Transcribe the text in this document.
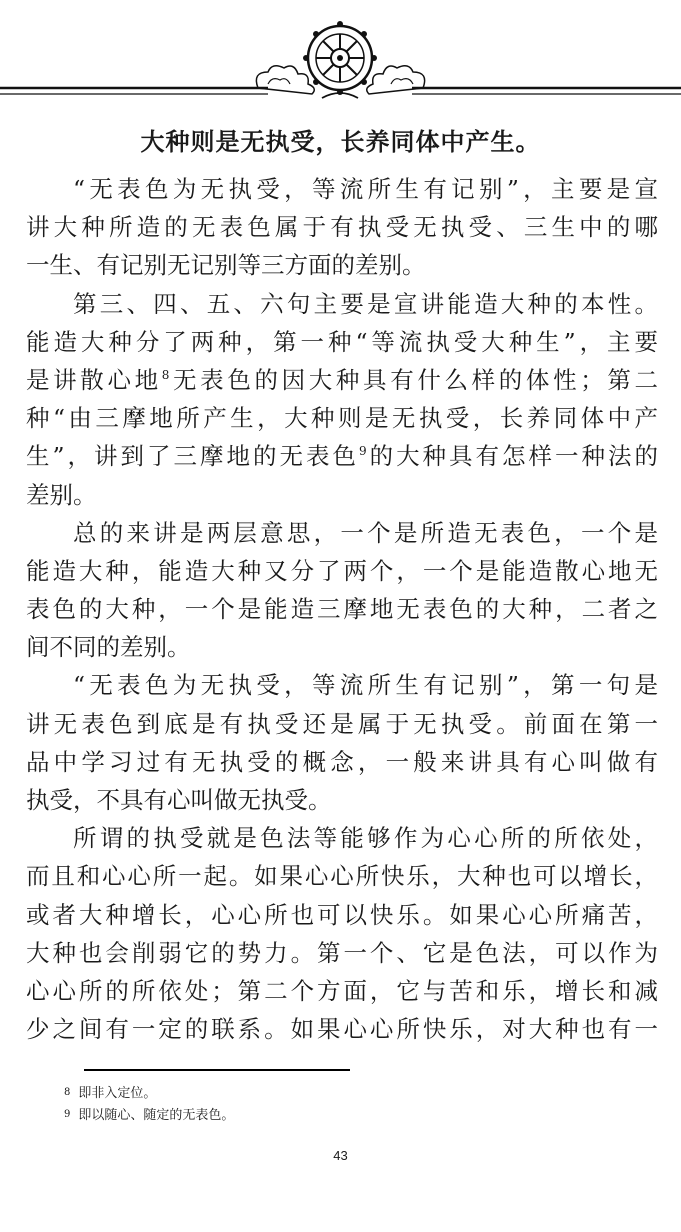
大种则是无执受，长养同体中产生。
“无表色为无执受，等流所生有记别”，主要是宣
讲大种所造的无表色属于有执受无执受、三生中的哪
一生、有记别无记别等三方面的差别。
第三、四、五、六句主要是宣讲能造大种的本性。
能造大种分了两种，第一种“等流执受大种生”，主要
是讲散心地$^8$无表色的因大种具有什么样的体性；第二
种“由三摩地所产生，大种则是无执受，长养同体中产
生”，讲到了三摩地的无表色$^9$的大种具有怎样一种法的
差别。
总的来讲是两层意思，一个是所造无表色，一个是
能造大种，能造大种又分了两个，一个是能造散心地无
表色的大种，一个是能造三摩地无表色的大种，二者之
间不同的差别。
“无表色为无执受，等流所生有记别”，第一句是
讲无表色到底是有执受还是属于无执受。前面在第一
品中学习过有无执受的概念，一般来讲具有心叫做有
执受，不具有心叫做无执受。
所谓的执受就是色法等能够作为心心所的所依处，
而且和心心所一起。如果心心所快乐，大种也可以增长，
或者大种增长，心心所也可以快乐。如果心心所痛苦，
大种也会削弱它的势力。第一个、它是色法，可以作为
心心所的所依处；第二个方面，它与苦和乐，增长和减
少之间有一定的联系。如果心心所快乐，对大种也有一
8 即非入定位。
9 即以随心、随定的无表色。
43
